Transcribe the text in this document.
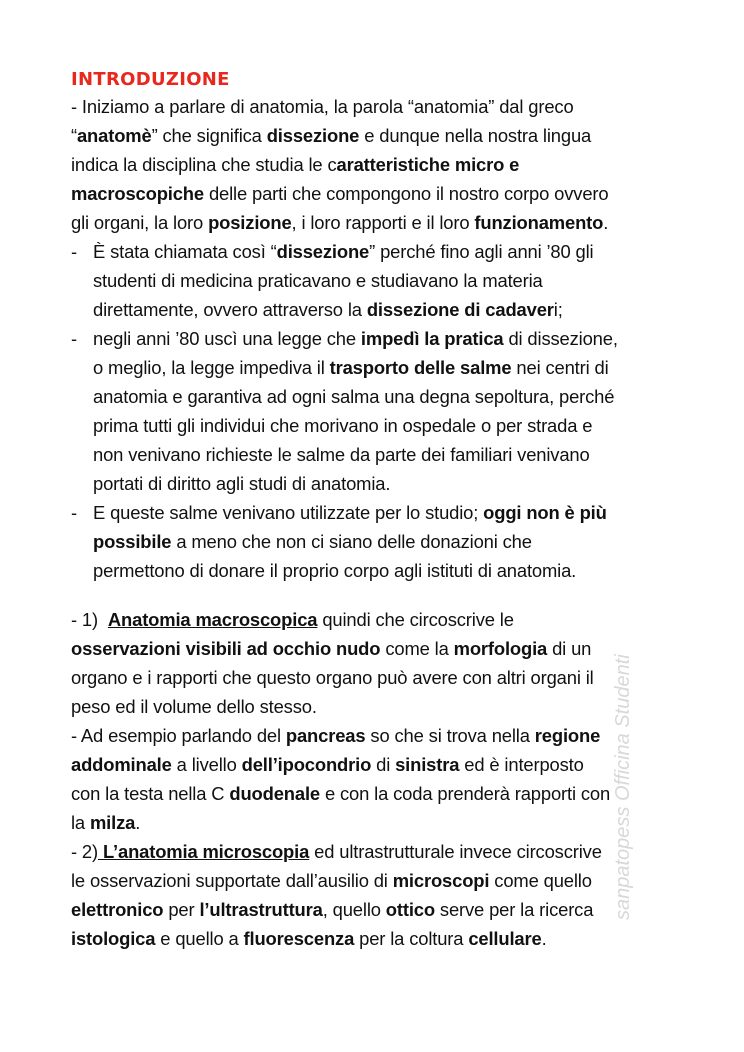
sanpatopess Officina Studenti
INTRODUZIONE
- Iniziamo a parlare di anatomia, la parola “anatomia” dal greco
“anatomè” che significa dissezione e dunque nella nostra lingua
indica la disciplina che studia le caratteristiche micro e
macroscopiche delle parti che compongono il nostro corpo ovvero
gli organi, la loro posizione, i loro rapporti e il loro funzionamento.
- È stata chiamata così “dissezione” perché fino agli anni ’80 gli
studenti di medicina praticavano e studiavano la materia
direttamente, ovvero attraverso la dissezione di cadaveri;
- negli anni ’80 uscì una legge che impedì la pratica di dissezione,
o meglio, la legge impediva il trasporto delle salme nei centri di
anatomia e garantiva ad ogni salma una degna sepoltura, perché
prima tutti gli individui che morivano in ospedale o per strada e
non venivano richieste le salme da parte dei familiari venivano
portati di diritto agli studi di anatomia.
- E queste salme venivano utilizzate per lo studio; oggi non è più
possibile a meno che non ci siano delle donazioni che
permettono di donare il proprio corpo agli istituti di anatomia.
- 1)  Anatomia macroscopica quindi che circoscrive le
osservazioni visibili ad occhio nudo come la morfologia di un
organo e i rapporti che questo organo può avere con altri organi il
peso ed il volume dello stesso.
- Ad esempio parlando del pancreas so che si trova nella regione
addominale a livello dell’ipocondrio di sinistra ed è interposto
con la testa nella C duodenale e con la coda prenderà rapporti con
la milza.
- 2) L’anatomia microscopia ed ultrastrutturale invece circoscrive
le osservazioni supportate dall’ausilio di microscopi come quello
elettronico per l’ultrastruttura, quello ottico serve per la ricerca
istologica e quello a fluorescenza per la coltura cellulare.
